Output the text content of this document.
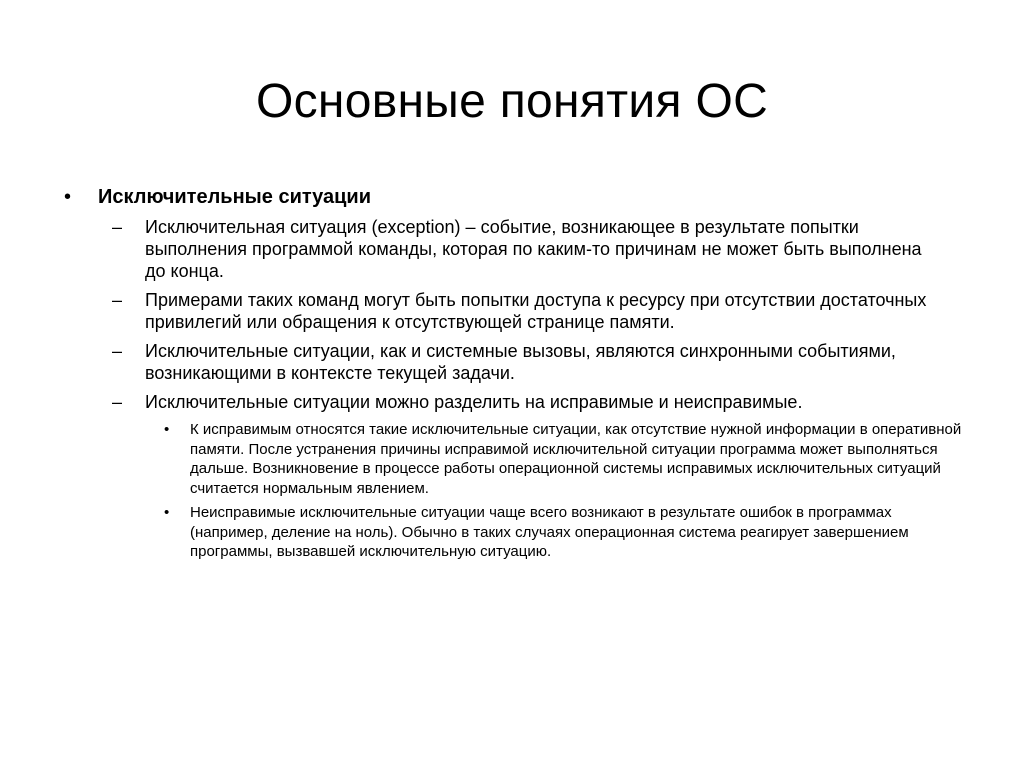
Основные понятия ОС
• Исключительные ситуации
– Исключительная ситуация (exception) – событие, возникающее в результате попытки выполнения программой команды, которая по каким-то причинам не может быть выполнена до конца.
– Примерами таких команд могут быть попытки доступа к ресурсу при отсутствии достаточных привилегий или обращения к отсутствующей странице памяти.
– Исключительные ситуации, как и системные вызовы, являются синхронными событиями, возникающими в контексте текущей задачи.
– Исключительные ситуации можно разделить на исправимые и неисправимые.
• К исправимым относятся такие исключительные ситуации, как отсутствие нужной информации в оперативной памяти. После устранения причины исправимой исключительной ситуации программа может выполняться дальше. Возникновение в процессе работы операционной системы исправимых исключительных ситуаций считается нормальным явлением.
• Неисправимые исключительные ситуации чаще всего возникают в результате ошибок в программах (например, деление на ноль). Обычно в таких случаях операционная система реагирует завершением программы, вызвавшей исключительную ситуацию.
